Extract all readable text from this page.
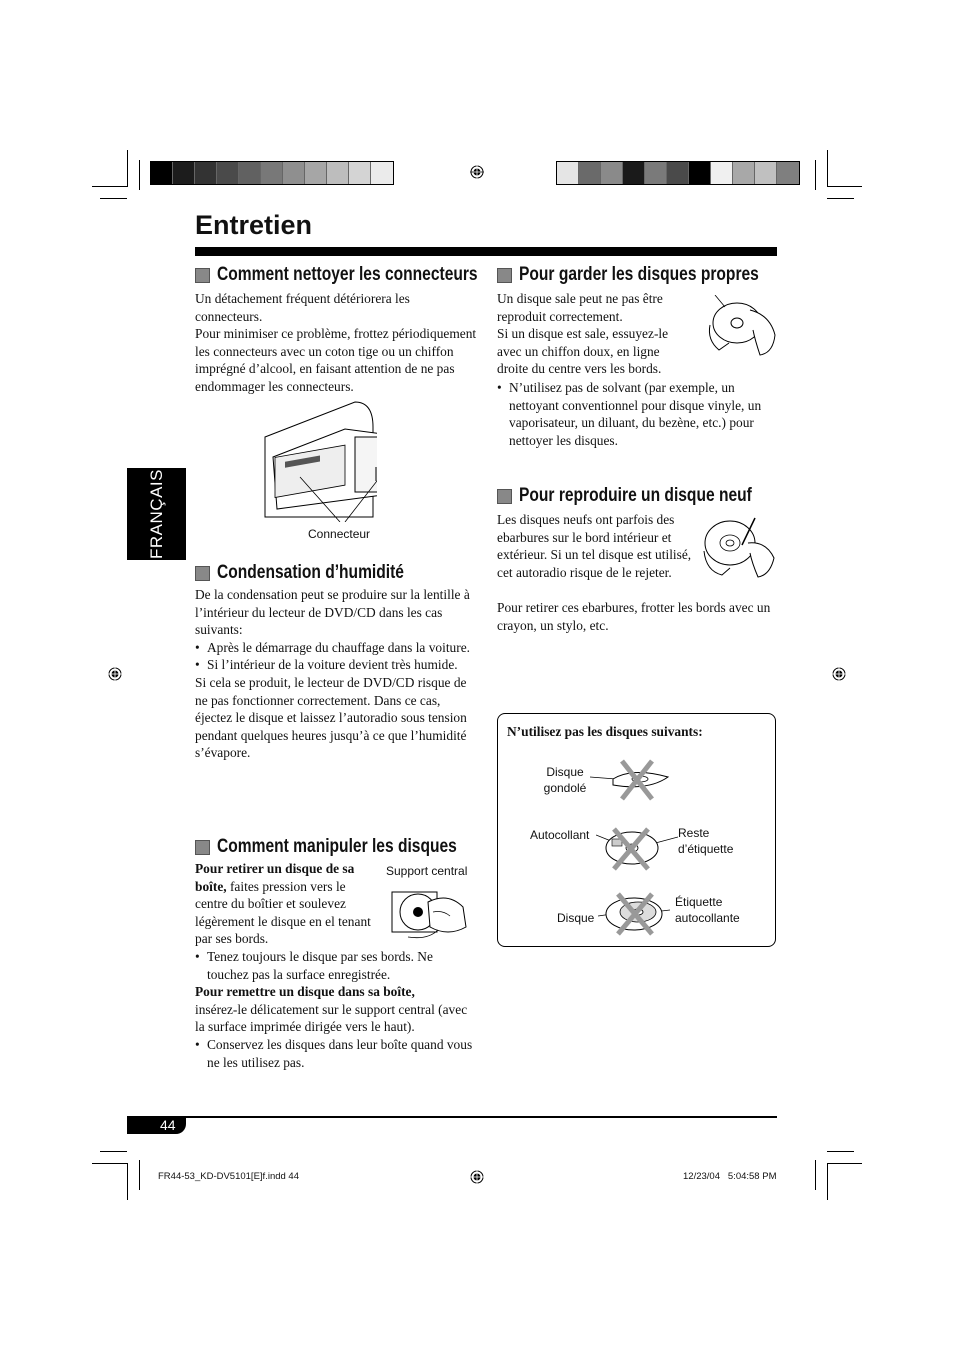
Entretien
FRANÇAIS
Comment nettoyer les connecteurs

Un détachement fréquent détériorera les connecteurs.

Pour minimiser ce problème, frottez périodiquement les connecteurs avec un coton tige ou un chiffon imprégné d’alcool, en faisant attention de ne pas endommager les connecteurs.

Connecteur
Condensation d’humidité

De la condensation peut se produire sur la lentille à l’intérieur du lecteur de DVD/CD dans les cas suivants:

• Après le démarrage du chauffage dans la voiture.

• Si l’intérieur de la voiture devient très humide.

Si cela se produit, le lecteur de DVD/CD risque de ne pas fonctionner correctement. Dans ce cas, éjectez le disque et laissez l’autoradio sous tension pendant quelques heures jusqu’à ce que l’humidité s’évapore.

Comment manipuler les disques

Pour retirer un disque de sa boîte, faites pression vers le centre du boîtier et soulevez légèrement le disque en el tenant par ses bords.

Support central

• Tenez toujours le disque par ses bords. Ne touchez pas la surface enregistrée.

Pour remettre un disque dans sa boîte,

insérez-le délicatement sur le support central (avec la surface imprimée dirigée vers le haut).

• Conservez les disques dans leur boîte quand vous ne les utilisez pas.

Pour garder les disques propres

Un disque sale peut ne pas être reproduit correctement.

Si un disque est sale, essuyez-le avec un chiffon doux, en ligne droite du centre vers les bords.

• N’utilisez pas de solvant (par exemple, un nettoyant conventionnel pour disque vinyle, un vaporisateur, un diluant, du bezène, etc.) pour nettoyer les disques.

Pour reproduire un disque neuf

Les disques neufs ont parfois des ebarbures sur le bord intérieur et extérieur. Si un tel disque est utilisé, cet autoradio risque de le rejeter.

Pour retirer ces ebarbures, frotter les bords avec un crayon, un stylo, etc.

N’utilisez pas les disques suivants:

Disque
gondolé
Autocollant	Reste
d’étiquette
Disque
Étiquette
autocollante
44
FR44-53_KD-DV5101[E]f.indd 44	12/23/04   5:04:58 PM
